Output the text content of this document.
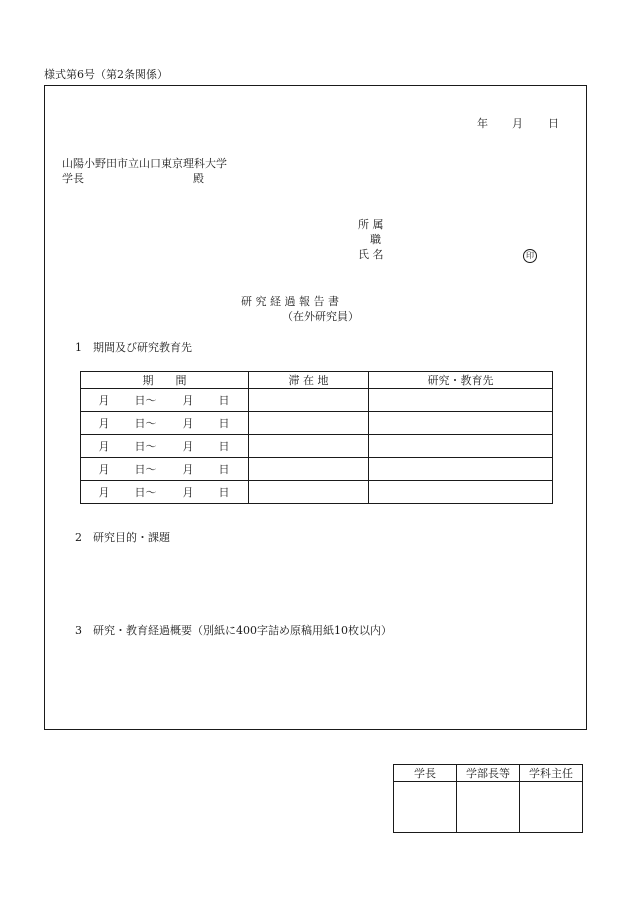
様式第6号（第2条関係）
年 月 日
山陽小野田市立山口東京理科大学
学長	殿
所 属
職
氏 名	印
研 究 経 過 報 告 書
（在外研究員）
1　期間及び研究教育先
期　　間	滞 在 地	研究・教育先

月 日〜 月 日		

月 日〜 月 日		

月 日〜 月 日		

月 日〜 月 日		

月 日〜 月 日		

2　研究目的・課題
3　研究・教育経過概要（別紙に400字詰め原稿用紙10枚以内）
学長	学部長等	学科主任
